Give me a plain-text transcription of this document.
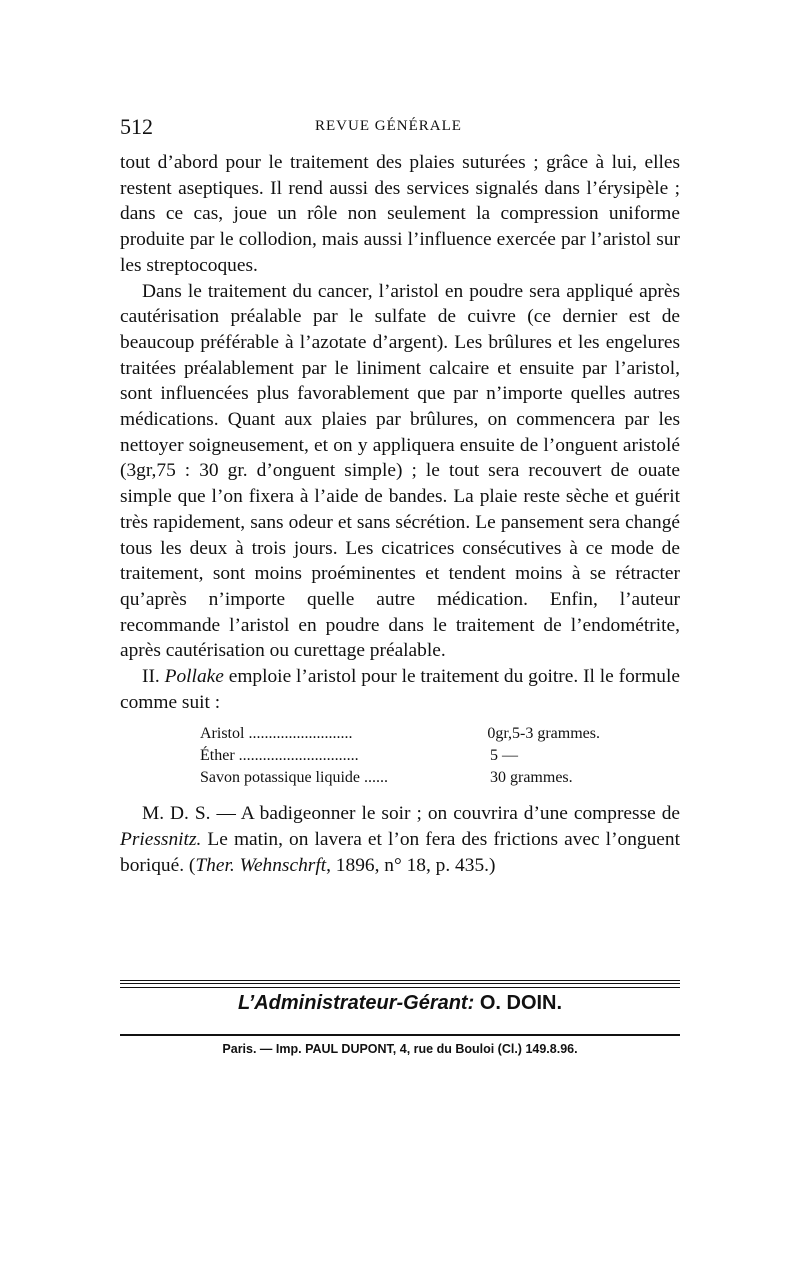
512	REVUE GÉNÉRALE

tout d’abord pour le traitement des plaies suturées ; grâce à lui, elles restent aseptiques. Il rend aussi des services signalés dans l’érysipèle ; dans ce cas, joue un rôle non seulement la compression uniforme produite par le collodion, mais aussi l’influence exercée par l’aristol sur les streptocoques.

Dans le traitement du cancer, l’aristol en poudre sera appliqué après cautérisation préalable par le sulfate de cuivre (ce dernier est de beaucoup préférable à l’azotate d’argent). Les brûlures et les engelures traitées préalablement par le liniment calcaire et ensuite par l’aristol, sont influencées plus favorablement que par n’importe quelles autres médications. Quant aux plaies par brûlures, on commencera par les nettoyer soigneusement, et on y appliquera ensuite de l’onguent aristolé (3gr,75 : 30 gr. d’onguent simple) ; le tout sera recouvert de ouate simple que l’on fixera à l’aide de bandes. La plaie reste sèche et guérit très rapidement, sans odeur et sans sécrétion. Le pansement sera changé tous les deux à trois jours. Les cicatrices consécutives à ce mode de traitement, sont moins proéminentes et tendent moins à se rétracter qu’après n’importe quelle autre médication. Enfin, l’auteur recommande l’aristol en poudre dans le traitement de l’endométrite, après cautérisation ou curettage préalable.

II. Pollake emploie l’aristol pour le traitement du goitre. Il le formule comme suit :

Aristol ..........................	0gr,5-3 grammes.
Éther ..............................	5 —
Savon potassique liquide ......	30 grammes.

M. D. S. — A badigeonner le soir ; on couvrira d’une compresse de Priessnitz. Le matin, on lavera et l’on fera des frictions avec l’onguent boriqué. (Ther. Wehnschrft, 1896, n° 18, p. 435.)

L’Administrateur-Gérant: O. DOIN.
Paris. — Imp. PAUL DUPONT, 4, rue du Bouloi (Cl.) 149.8.96.
